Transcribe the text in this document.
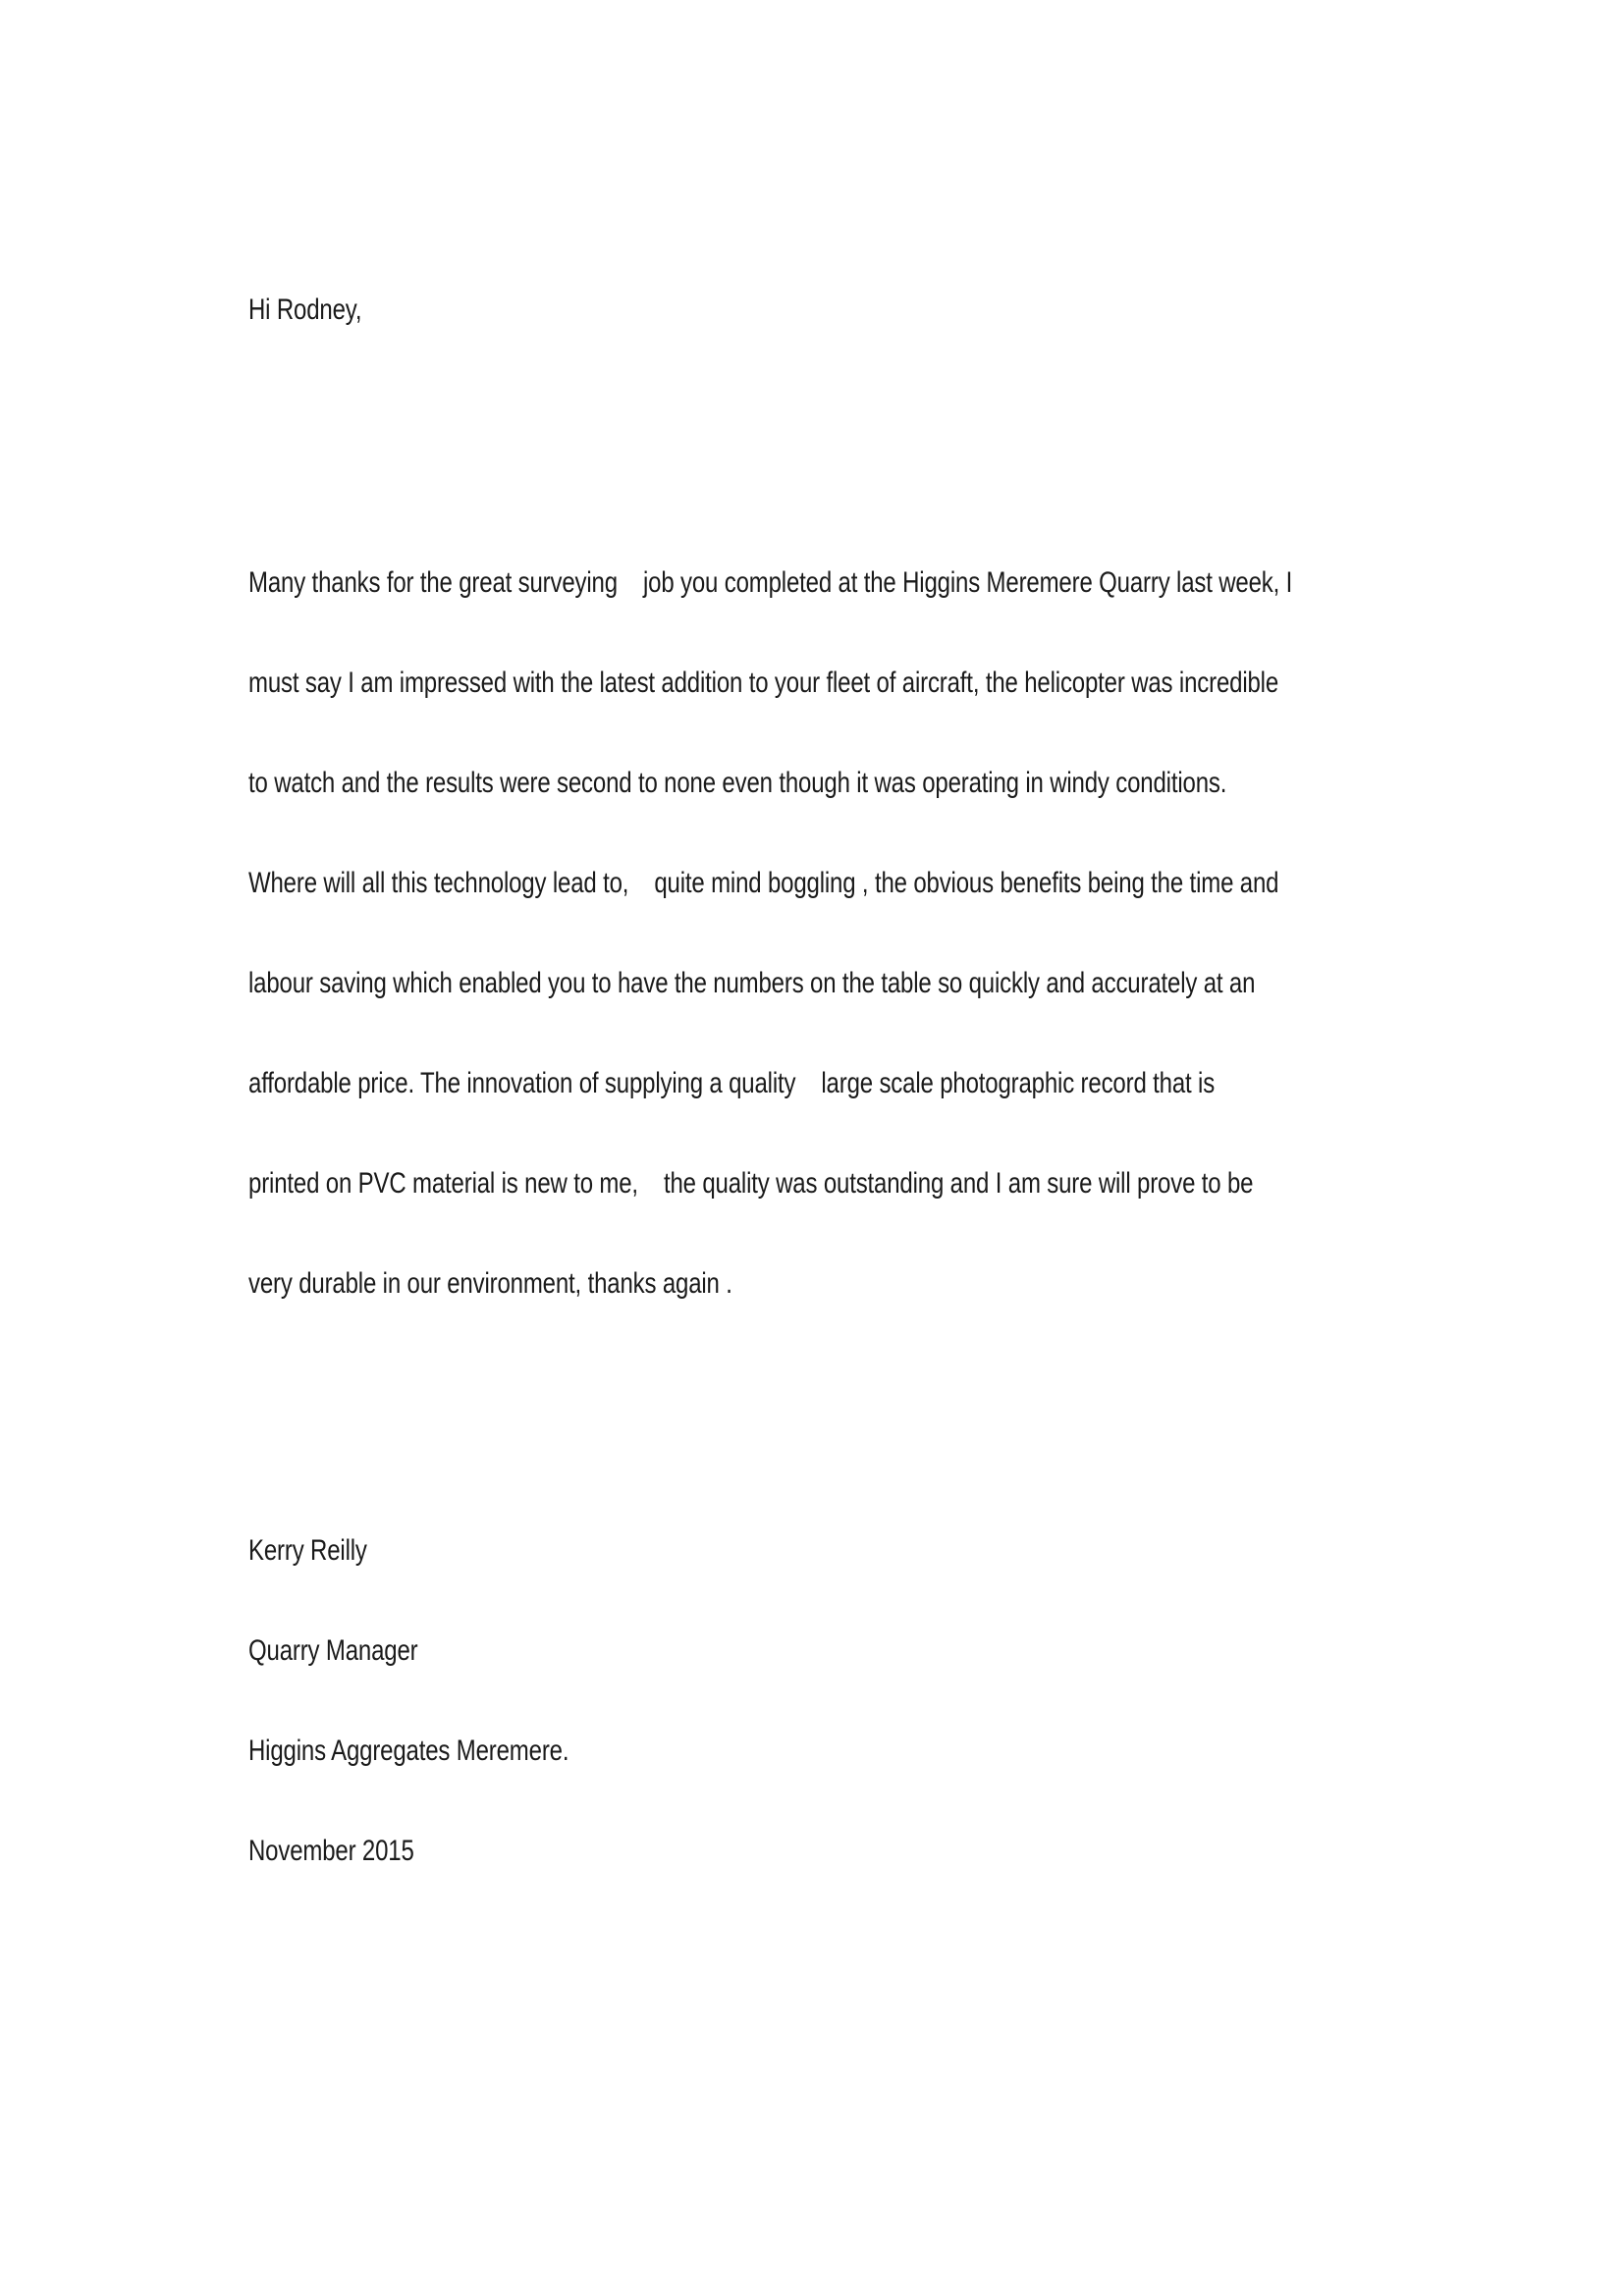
Hi Rodney,

Many thanks for the great surveying    job you completed at the Higgins Meremere Quarry last week, I

must say I am impressed with the latest addition to your fleet of aircraft, the helicopter was incredible

to watch and the results were second to none even though it was operating in windy conditions.

Where will all this technology lead to,    quite mind boggling , the obvious benefits being the time and

labour saving which enabled you to have the numbers on the table so quickly and accurately at an

affordable price. The innovation of supplying a quality    large scale photographic record that is

printed on PVC material is new to me,    the quality was outstanding and I am sure will prove to be

very durable in our environment, thanks again .

Kerry Reilly

Quarry Manager

Higgins Aggregates Meremere.

November 2015
